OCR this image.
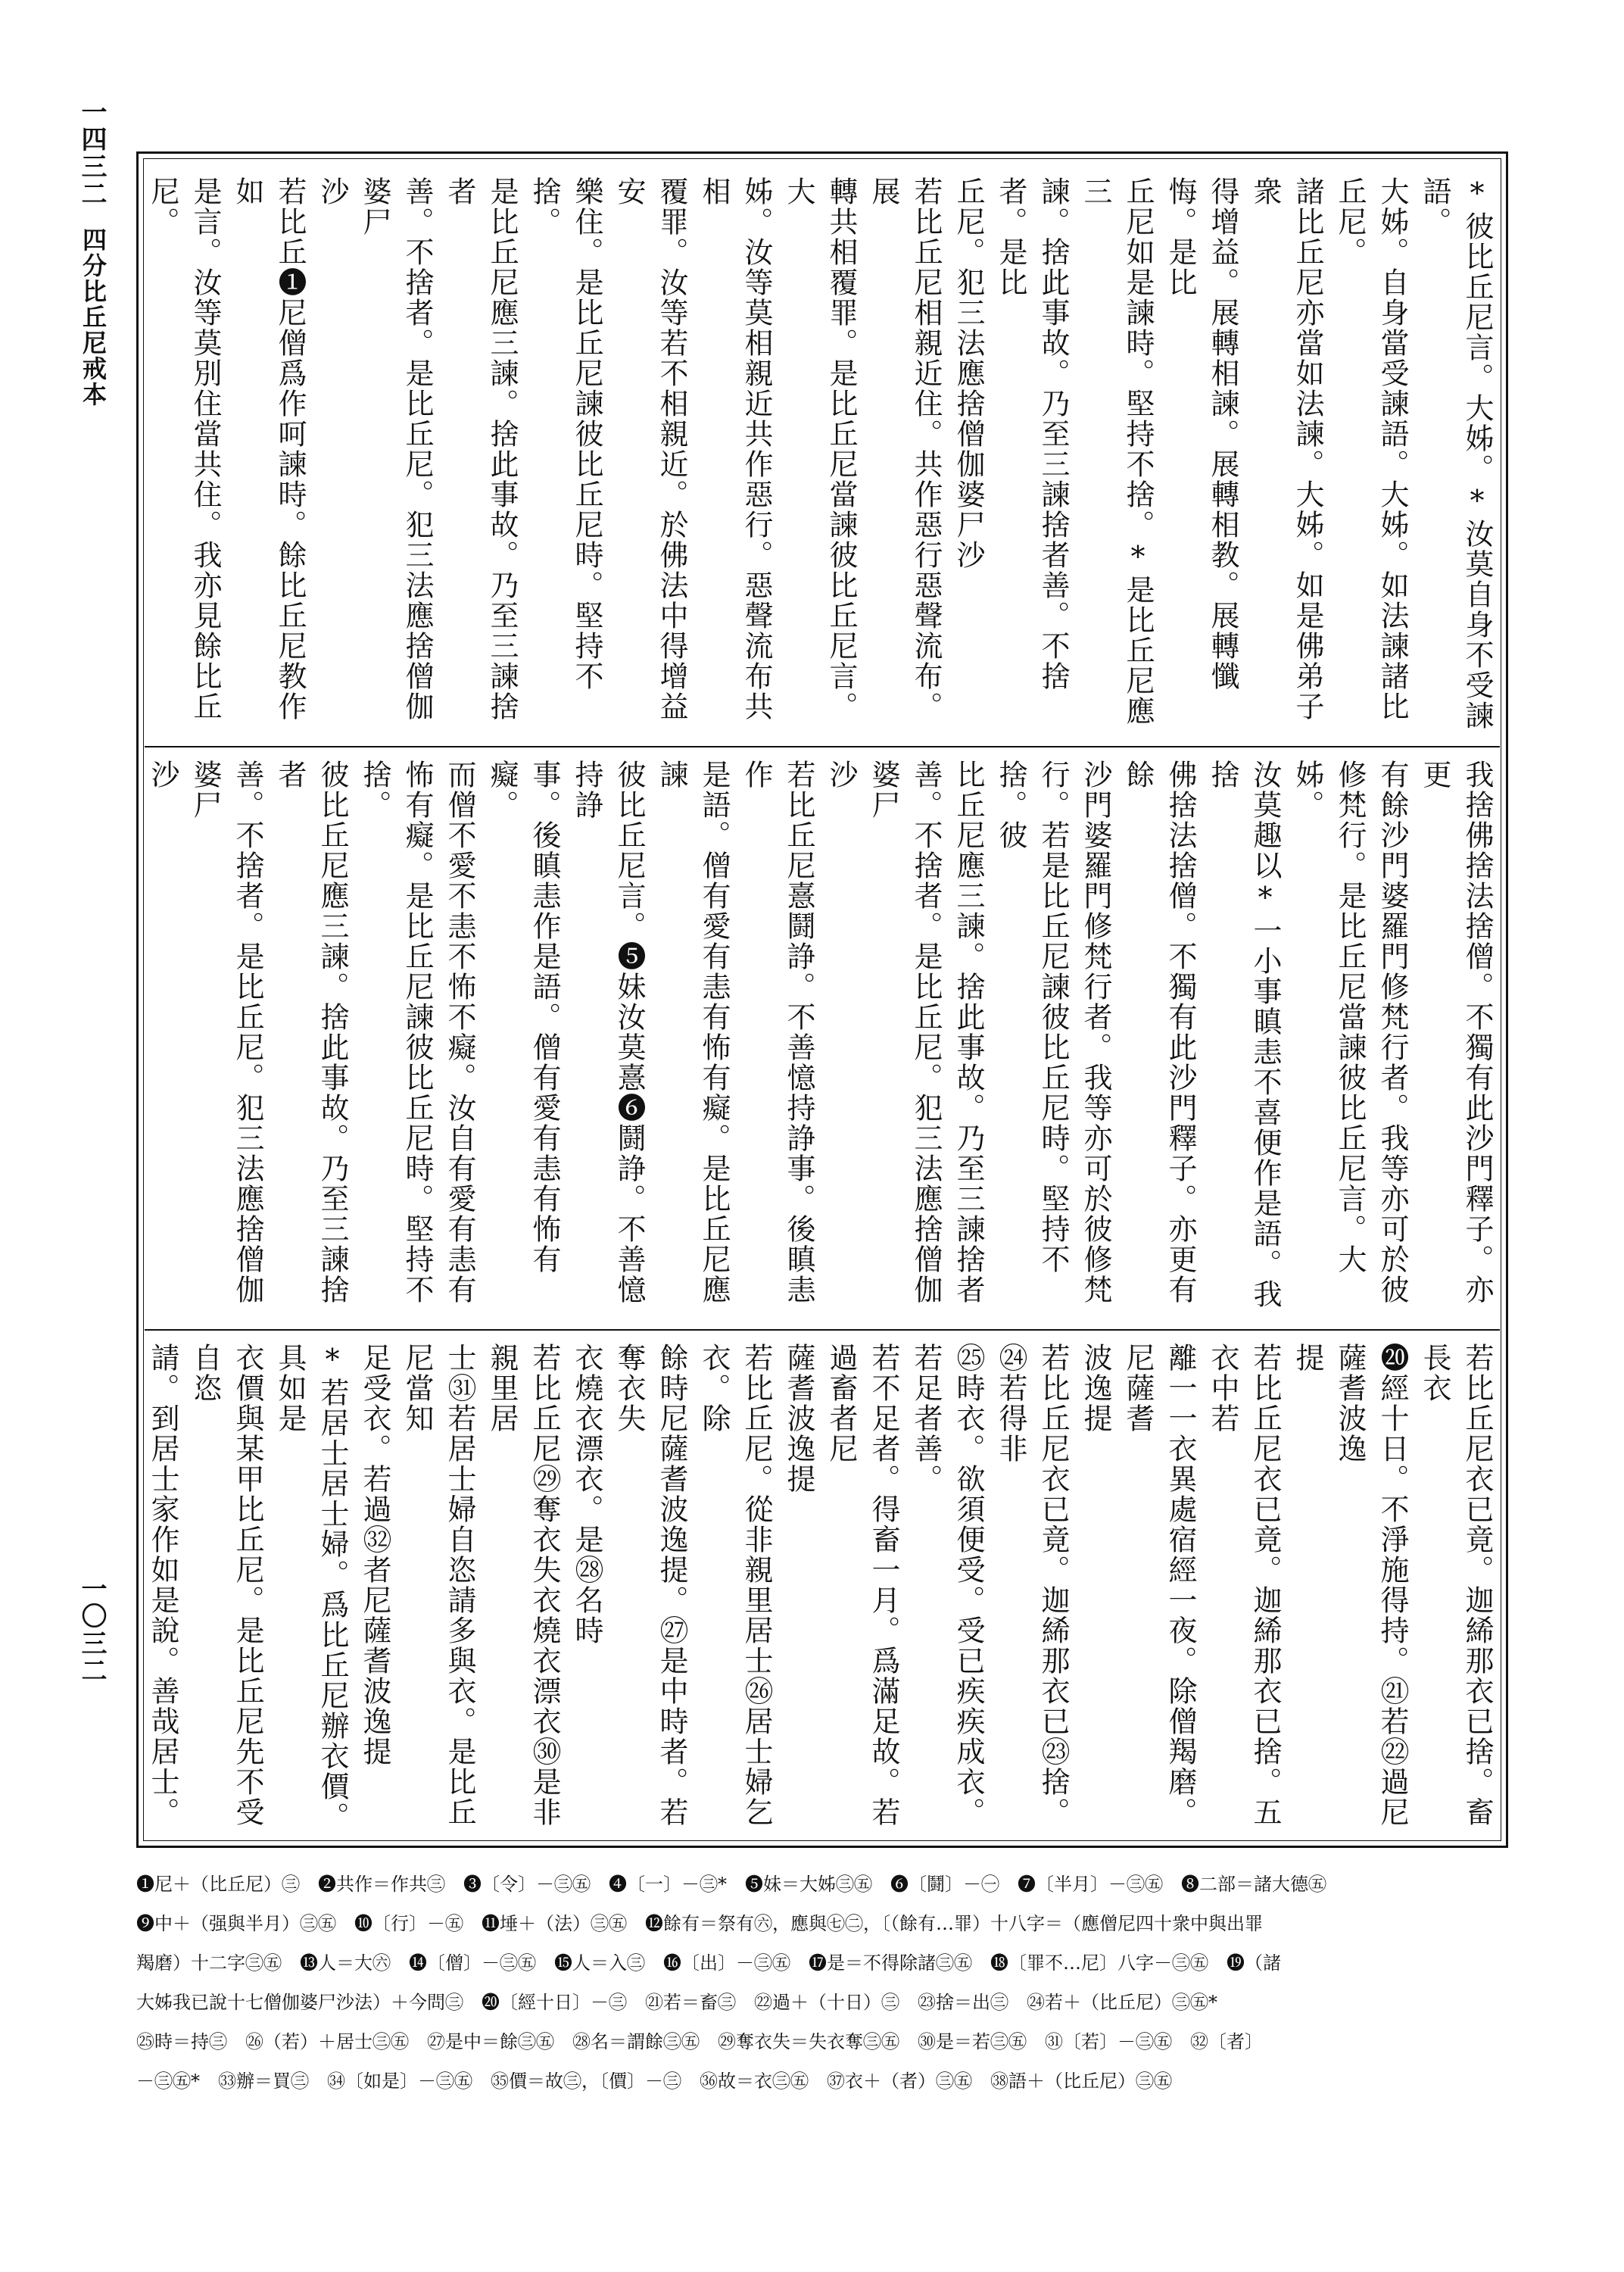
一四三二
四分比丘尼戒本
一〇三二
*彼比丘尼言。大姊。*汝莫自身不受諫語。
大姊。自身當受諫語。大姊。如法諫諸比丘尼。
諸比丘尼亦當如法諫。大姊。如是佛弟子衆
得增益。展轉相諫。展轉相教。展轉懺悔。是比
丘尼如是諫時。堅持不捨。*是比丘尼應三
諫。捨此事故。乃至三諫捨者善。不捨者。是比
丘尼。犯三法應捨僧伽婆尸沙
若比丘尼相親近住。共作惡行惡聲流布。展
轉共相覆罪。是比丘尼當諫彼比丘尼言。大
姊。汝等莫相親近共作惡行。惡聲流布共相
覆罪。汝等若不相親近。於佛法中得增益安
樂住。是比丘尼諫彼比丘尼時。堅持不捨。
是比丘尼應三諫。捨此事故。乃至三諫捨者
善。不捨者。是比丘尼。犯三法應捨僧伽婆尸
沙
若比丘❶尼僧爲作呵諫時。餘比丘尼教作如
是言。汝等莫別住當共住。我亦見餘比丘尼。
我捨佛捨法捨僧。不獨有此沙門釋子。亦更
有餘沙門婆羅門修梵行者。我等亦可於彼
修梵行。是比丘尼當諫彼比丘尼言。大姊。
汝莫趣以*一小事瞋恚不喜便作是語。我捨
佛捨法捨僧。不獨有此沙門釋子。亦更有餘
沙門婆羅門修梵行者。我等亦可於彼修梵
行。若是比丘尼諫彼比丘尼時。堅持不捨。彼
比丘尼應三諫。捨此事故。乃至三諫捨者
善。不捨者。是比丘尼。犯三法應捨僧伽婆尸
沙
若比丘尼憙鬪諍。不善憶持諍事。後瞋恚作
是語。僧有愛有恚有怖有癡。是比丘尼應諫
彼比丘尼言。❺妹汝莫憙❻鬪諍。不善憶持諍
事。後瞋恚作是語。僧有愛有恚有怖有癡。
而僧不愛不恚不怖不癡。汝自有愛有恚有
怖有癡。是比丘尼諫彼比丘尼時。堅持不捨。
彼比丘尼應三諫。捨此事故。乃至三諫捨者
善。不捨者。是比丘尼。犯三法應捨僧伽婆尸
沙
若比丘尼衣已竟。迦絺那衣已捨。畜長衣
⓴經十日。不淨施得持。㉑若㉒過尼薩耆波逸
提
若比丘尼衣已竟。迦絺那衣已捨。五衣中若
離一一衣異處宿經一夜。除僧羯磨。尼薩耆
波逸提
若比丘尼衣已竟。迦絺那衣已㉓捨。㉔若得非
㉕時衣。欲須便受。受已疾疾成衣。若足者善。
若不足者。得畜一月。爲滿足故。若過畜者尼
薩耆波逸提
若比丘尼。從非親里居士㉖居士婦乞衣。除
餘時尼薩耆波逸提。㉗是中時者。若奪衣失
衣燒衣漂衣。是㉘名時
若比丘尼㉙奪衣失衣燒衣漂衣㉚是非親里居
士㉛若居士婦自恣請多與衣。是比丘尼當知
足受衣。若過㉜者尼薩耆波逸提
*若居士居士婦。爲比丘尼辦衣價。具如是
衣價與某甲比丘尼。是比丘尼先不受自恣
請。到居士家作如是說。善哉居士。
❶尼＋（比丘尼）㊂　❷共作＝作共㊂　❸〔令〕－㊂㊄　❹〔一〕－㊂*　❺妹＝大姊㊂㊄　❻〔鬪〕－㊀　❼〔半月〕－㊂㊄　❽二部＝諸大德㊄
❾中＋（强與半月）㊂㊄　❿〔行〕－㊄　⓫埵＋（法）㊂㊄　⓬餘有＝祭有㊅，應與㊆㊁，〔（餘有…罪）十八字＝（應僧尼四十衆中與出罪
羯磨）十二字㊂㊄　⓭人＝大㊅　⓮〔僧〕－㊂㊄　⓯人＝入㊂　⓰〔出〕－㊂㊄　⓱是＝不得除諸㊂㊄　⓲〔罪不…尼〕八字－㊂㊄　⓳（諸
大姊我已說十七僧伽婆尸沙法）＋今問㊂　⓴〔經十日〕－㊂　㉑若＝畜㊂　㉒過＋（十日）㊂　㉓捨＝出㊂　㉔若＋（比丘尼）㊂㊄*
㉕時＝持㊂　㉖（若）＋居士㊂㊄　㉗是中＝餘㊂㊄　㉘名＝謂餘㊂㊄　㉙奪衣失＝失衣奪㊂㊄　㉚是＝若㊂㊄　㉛〔若〕－㊂㊄　㉜〔者〕
－㊂㊄*　㉝辦＝買㊂　㉞〔如是〕－㊂㊄　㉟價＝故㊂，〔價〕－㊂　㊱故＝衣㊂㊄　㊲衣＋（者）㊂㊄　㊳語＋（比丘尼）㊂㊄
